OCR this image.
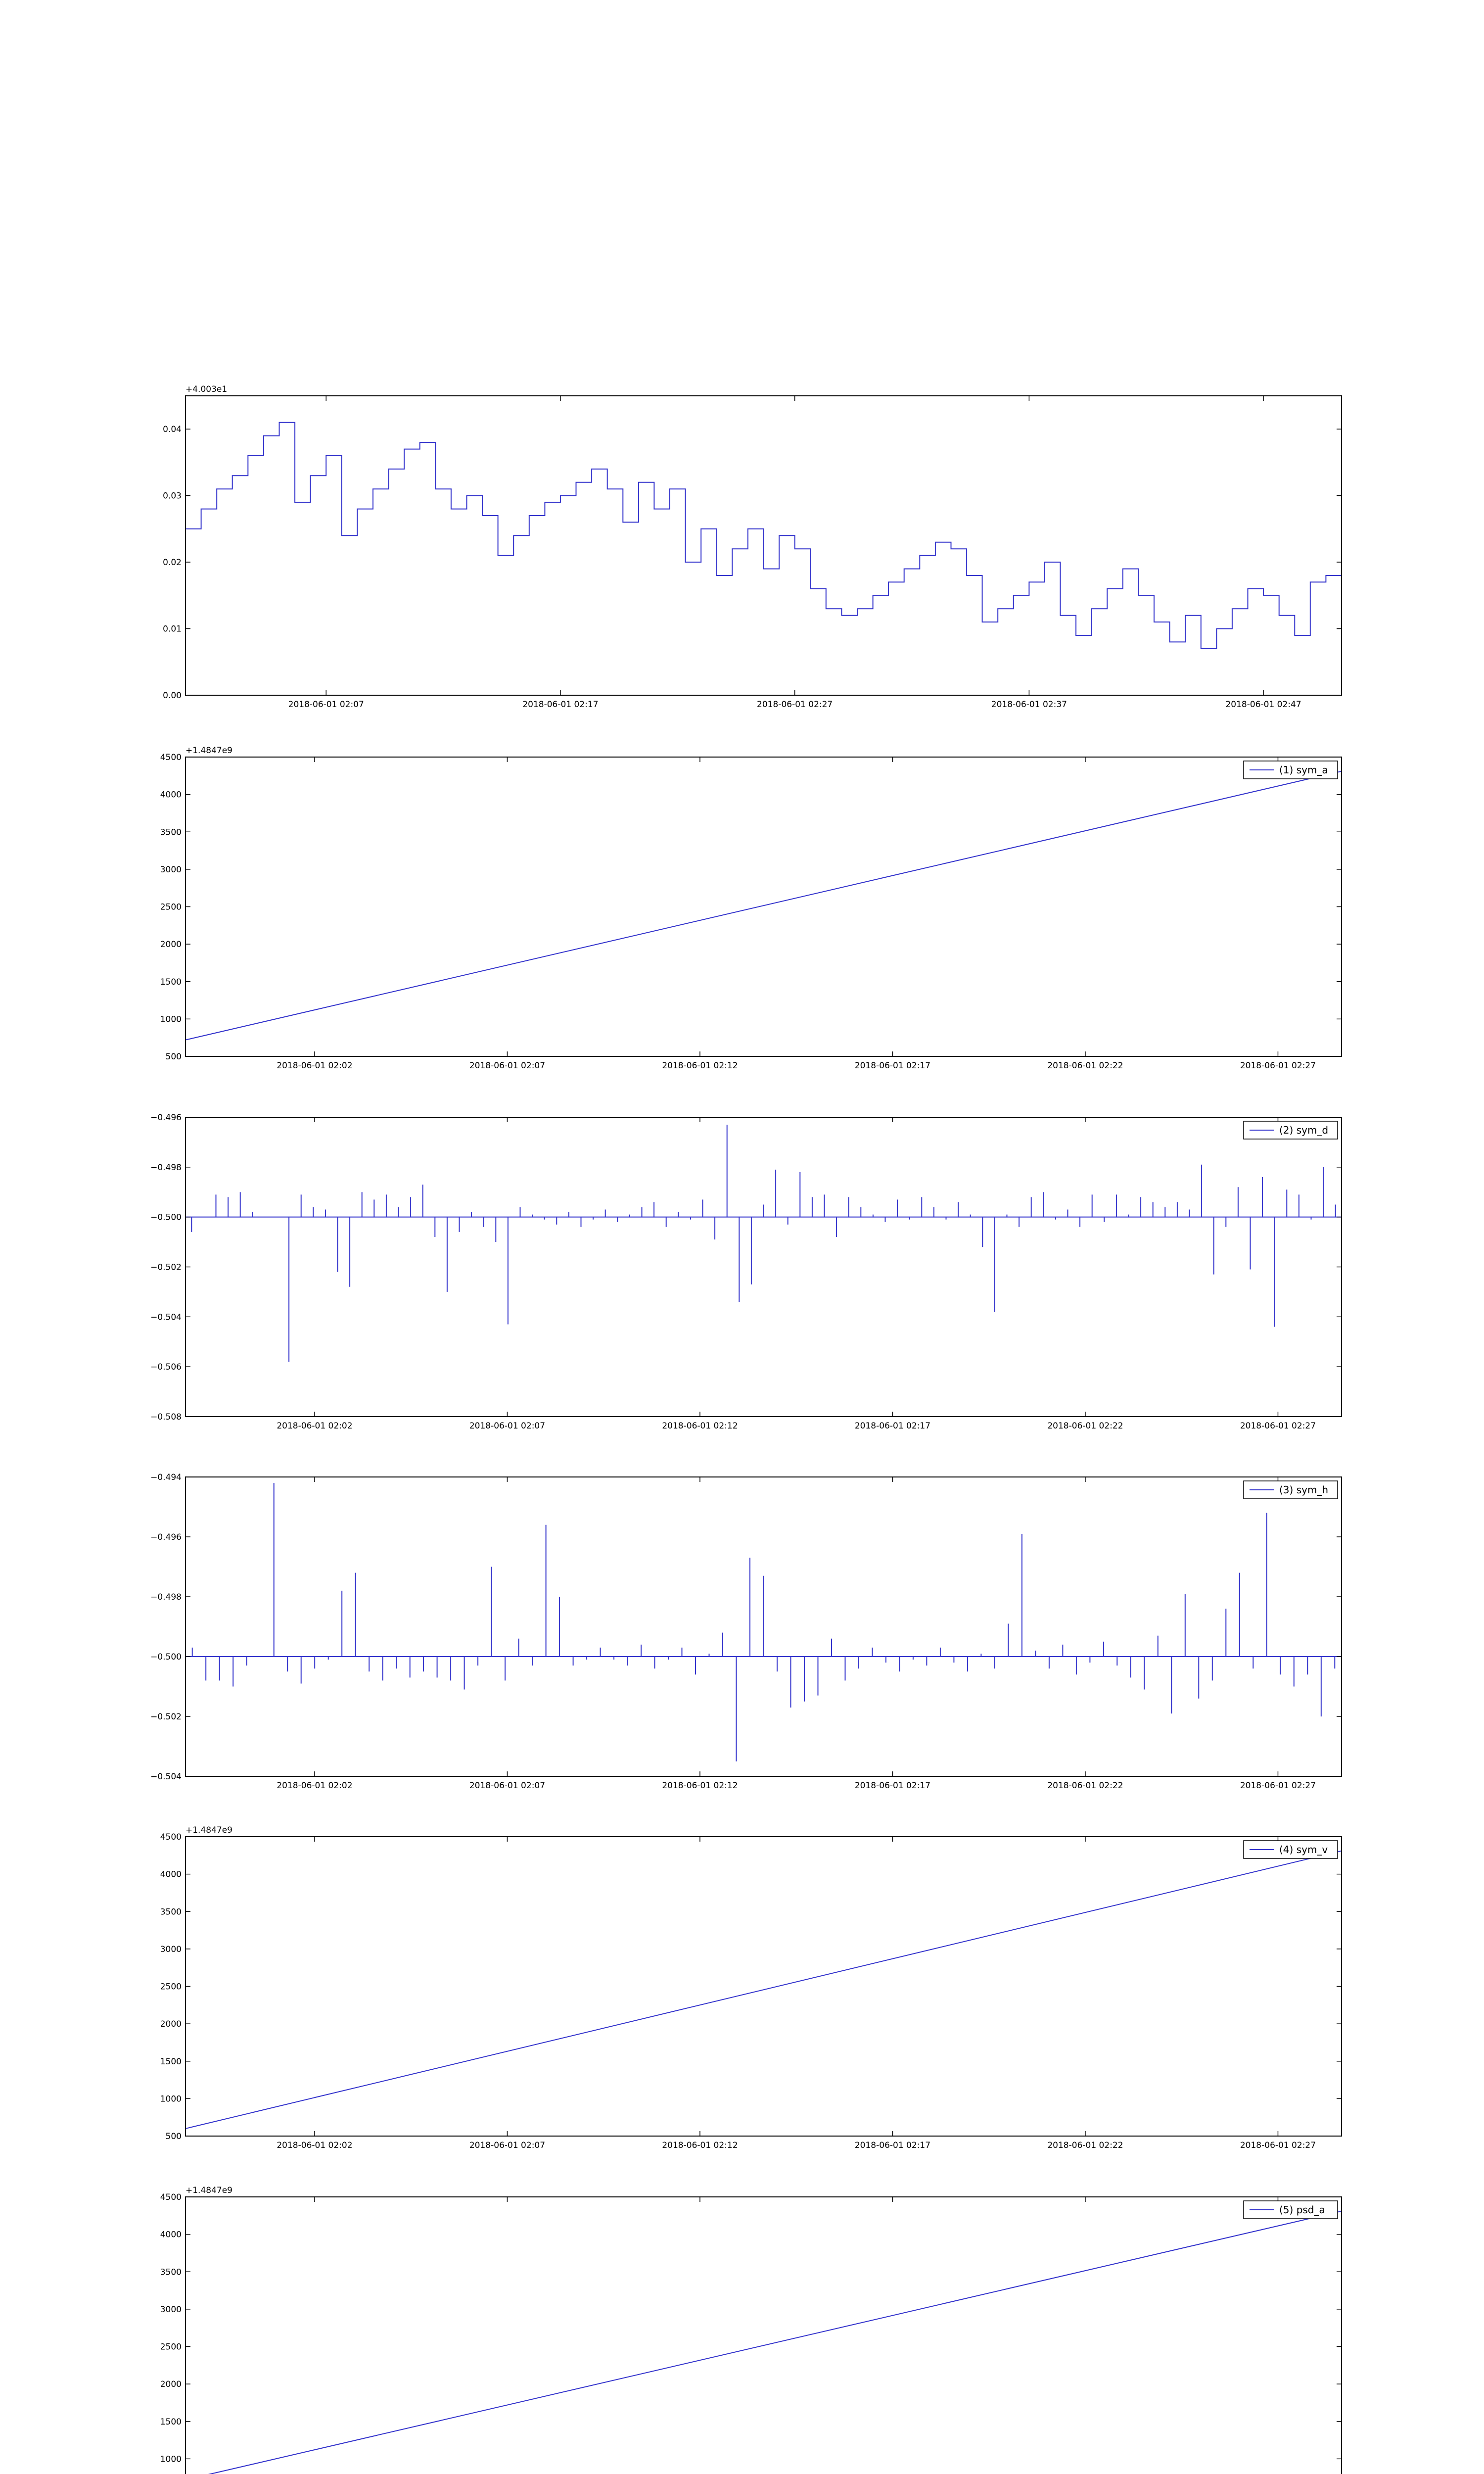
0.00
0.01
0.02
0.03
0.04
2018-06-01 02:07	2018-06-01 02:17	2018-06-01 02:27	2018-06-01 02:37	2018-06-01 02:47
+4.003e1
500
1000
1500
2000
2500
3000
3500
4000
4500
2018-06-01 02:02	2018-06-01 02:07	2018-06-01 02:12	2018-06-01 02:17	2018-06-01 02:22	2018-06-01 02:27
+1.4847e9
(1) sym_a
−0.508
−0.506
−0.504
−0.502
−0.500
−0.498
−0.496
2018-06-01 02:02	2018-06-01 02:07	2018-06-01 02:12	2018-06-01 02:17	2018-06-01 02:22	2018-06-01 02:27
(2) sym_d
−0.504
−0.502
−0.500
−0.498
−0.496
−0.494
2018-06-01 02:02	2018-06-01 02:07	2018-06-01 02:12	2018-06-01 02:17	2018-06-01 02:22	2018-06-01 02:27
(3) sym_h
500
1000
1500
2000
2500
3000
3500
4000
4500
2018-06-01 02:02	2018-06-01 02:07	2018-06-01 02:12	2018-06-01 02:17	2018-06-01 02:22	2018-06-01 02:27
+1.4847e9
(4) sym_v
1000
1500
2000
2500
3000
3500
4000
4500
+1.4847e9
(5) psd_a
